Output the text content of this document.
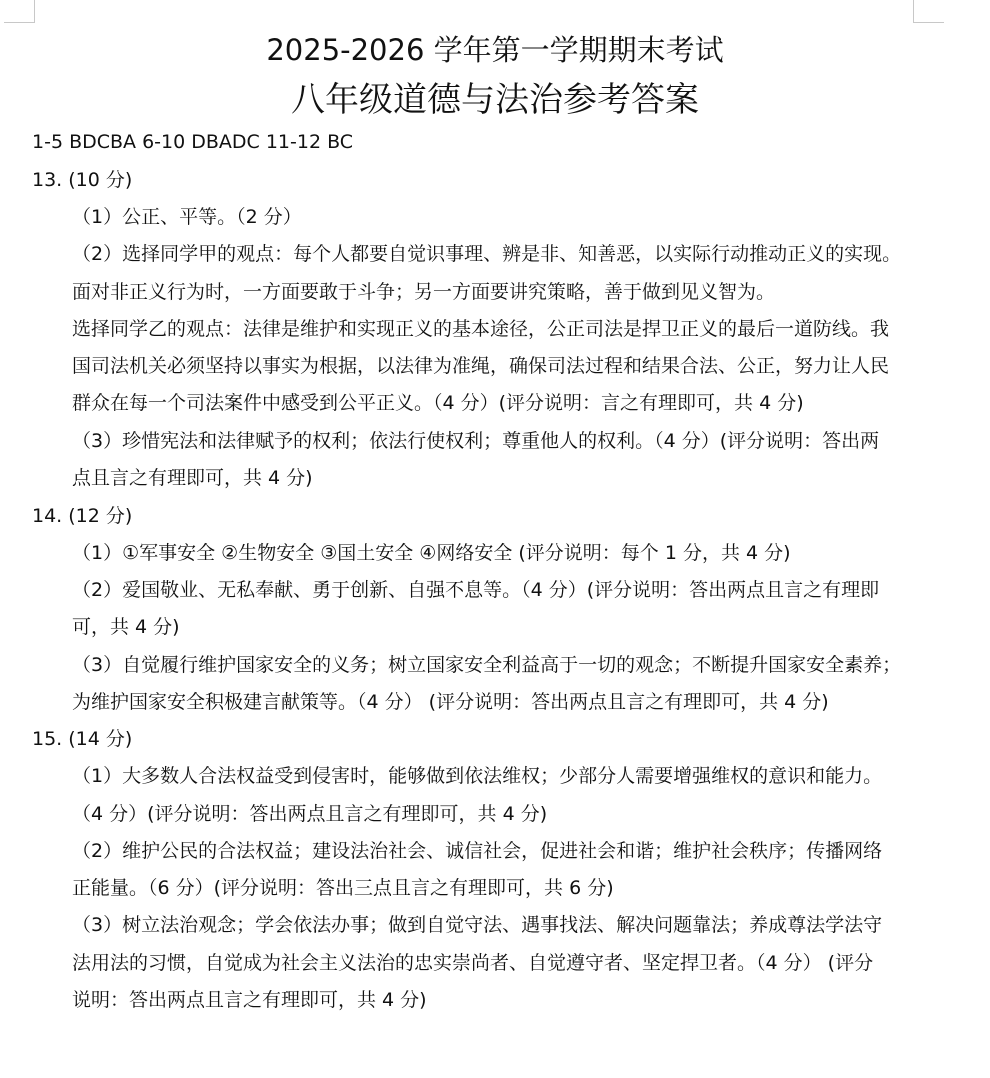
2025-2026 学年第一学期期末考试
八年级道德与法治参考答案
1-5 BDCBA 6-10 DBADC 11-12 BC
13. (10 分)
（1）公正、平等。（2 分）
（2）选择同学甲的观点：每个人都要自觉识事理、辨是非、知善恶，以实际行动推动正义的实现。
面对非正义行为时，一方面要敢于斗争；另一方面要讲究策略，善于做到见义智为。
选择同学乙的观点：法律是维护和实现正义的基本途径，公正司法是捍卫正义的最后一道防线。我
国司法机关必须坚持以事实为根据，以法律为准绳，确保司法过程和结果合法、公正，努力让人民
群众在每一个司法案件中感受到公平正义。（4 分）(评分说明：言之有理即可，共 4 分)
（3）珍惜宪法和法律赋予的权利；依法行使权利；尊重他人的权利。（4 分）(评分说明：答出两
点且言之有理即可，共 4 分)
14. (12 分)
（1）①军事安全 ②生物安全 ③国土安全 ④网络安全 (评分说明：每个 1 分，共 4 分)
（2）爱国敬业、无私奉献、勇于创新、自强不息等。（4 分）(评分说明：答出两点且言之有理即
可，共 4 分)
（3）自觉履行维护国家安全的义务；树立国家安全利益高于一切的观念；不断提升国家安全素养；
为维护国家安全积极建言献策等。（4 分） (评分说明：答出两点且言之有理即可，共 4 分)
15. (14 分)
（1）大多数人合法权益受到侵害时，能够做到依法维权；少部分人需要增强维权的意识和能力。
（4 分）(评分说明：答出两点且言之有理即可，共 4 分)
（2）维护公民的合法权益；建设法治社会、诚信社会，促进社会和谐；维护社会秩序；传播网络
正能量。（6 分）(评分说明：答出三点且言之有理即可，共 6 分)
（3）树立法治观念；学会依法办事；做到自觉守法、遇事找法、解决问题靠法；养成尊法学法守
法用法的习惯，自觉成为社会主义法治的忠实崇尚者、自觉遵守者、坚定捍卫者。（4 分） (评分
说明：答出两点且言之有理即可，共 4 分)
